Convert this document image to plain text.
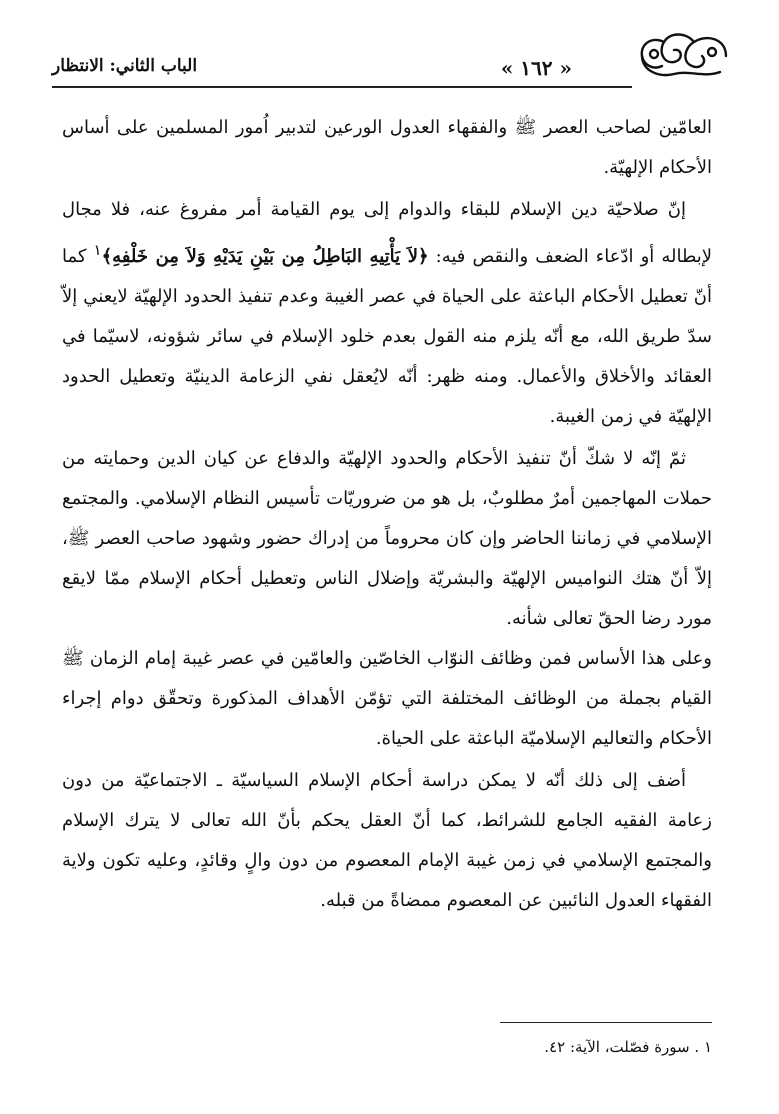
« ١٦٢ »
الباب الثاني: الانتظار

العامّين لصاحب العصر ﷺ والفقهاء العدول الورعين لتدبير اُمور المسلمين على أساس الأحكام الإلهيّة.

إنّ صلاحيّة دين الإسلام للبقاء والدوام إلى يوم القيامة أمر مفروغ عنه، فلا مجال لإبطاله أو ادّعاء الضعف والنقص فيه: ﴿لاَ يَأْتِيهِ البَاطِلُ مِن بَيْنِ يَدَيْهِ وَلاَ مِن خَلْفِهِ﴾$^١$ كما أنّ تعطيل الأحكام الباعثة على الحياة في عصر الغيبة وعدم تنفيذ الحدود الإلهيّة لايعني إلاّ سدّ طريق الله، مع أنّه يلزم منه القول بعدم خلود الإسلام في سائر شؤونه، لاسيّما في العقائد والأخلاق والأعمال. ومنه ظهر: أنّه لايُعقل نفي الزعامة الدينيّة وتعطيل الحدود الإلهيّة في زمن الغيبة.

ثمّ إنّه لا شكّ أنّ تنفيذ الأحكام والحدود الإلهيّة والدفاع عن كيان الدين وحمايته من حملات المهاجمين أمرٌ مطلوبٌ، بل هو من ضروريّات تأسيس النظام الإسلامي. والمجتمع الإسلامي في زماننا الحاضر وإن كان محروماً من إدراك حضور وشهود صاحب العصر ﷺ، إلاّ أنّ هتك النواميس الإلهيّة والبشريّة وإضلال الناس وتعطيل أحكام الإسلام ممّا لايقع مورد رضا الحقّ تعالى شأنه.

وعلى هذا الأساس فمن وظائف النوّاب الخاصّين والعامّين في عصر غيبة إمام الزمان ﷺ القيام بجملة من الوظائف المختلفة التي تؤمّن الأهداف المذكورة وتحقّق دوام إجراء الأحكام والتعاليم الإسلاميّة الباعثة على الحياة.

أضف إلى ذلك أنّه لا يمكن دراسة أحكام الإسلام السياسيّة ـ الاجتماعيّة من دون زعامة الفقيه الجامع للشرائط، كما أنّ العقل يحكم بأنّ الله تعالى لا يترك الإسلام والمجتمع الإسلامي في زمن غيبة الإمام المعصوم من دون والٍ وقائدٍ، وعليه تكون ولاية الفقهاء العدول النائبين عن المعصوم ممضاةً من قبله.

١ . سورة فصّلت، الآية: ٤٢.
